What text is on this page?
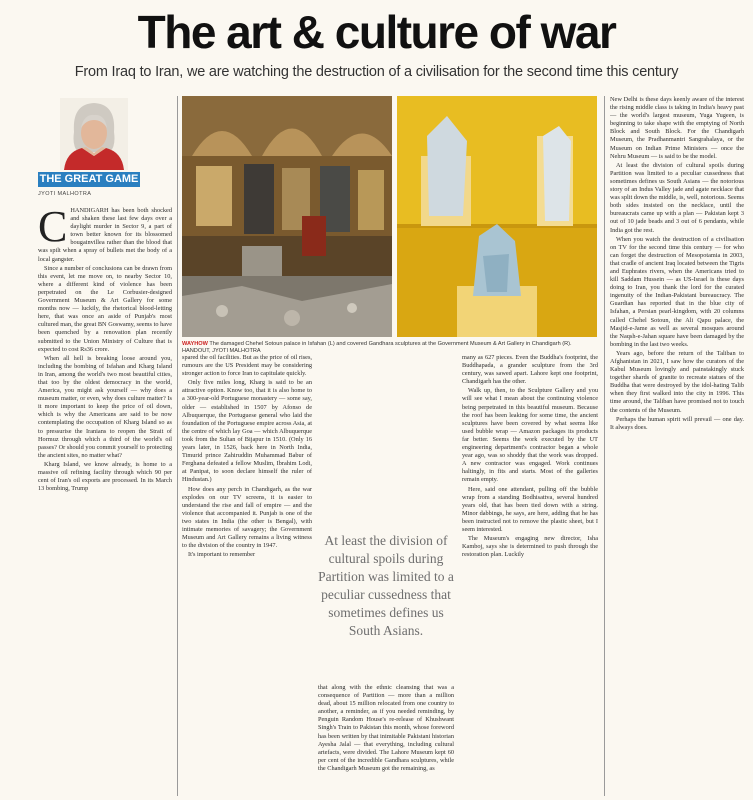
The art & culture of war
From Iraq to Iran, we are watching the destruction of a civilisation for the second time this century
THE GREAT GAME
JYOTI MALHOTRA
WAYHOW The damaged Chehel Sotoun palace in Isfahan (L) and covered Gandhara sculptures at the Government Museum & Art Gallery in Chandigarh (R). HANDOUT, JYOTI MALHOTRA
C HANDIGARH has been both shocked and shaken these last few days over a daylight murder in Sector 9, a part of town better known for its blossomed bougainvillea rather than the blood that was spilt when a spray of bullets met the body of a local gangster.

Since a number of conclusions can be drawn from this event, let me move on, to nearby Sector 10, where a different kind of violence has been perpetrated on the Le Corbusier-designed Government Museum & Art Gallery for some months now — luckily, the rhetorical blood-letting here, that was once an aside of Punjab's most cultured man, the great BN Goswamy, seems to have been quenched by a renovation plan recently submitted to the Union Ministry of Culture that is expected to cost Rs36 crore.

When all hell is breaking loose around you, including the bombing of Isfahan and Kharg Island in Iran, among the world's two most beautiful cities, that too by the oldest democracy in the world, America, you might ask yourself — why does a museum matter, or even, why does culture matter? Is it more important to keep the price of oil down, which is why the Americans are said to be now contemplating the occupation of Kharg Island so as to pressurise the Iranians to reopen the Strait of Hormuz through which a third of the world's oil passes? Or should you commit yourself to protecting the ancient sites, no matter what?

Kharg Island, we know already, is home to a massive oil refining facility through which 90 per cent of Iran's oil exports are processed. In its March 13 bombing, Trump

spared the oil facilities. But as the price of oil rises, rumours are the US President may be considering stronger action to force Iran to capitulate quickly.

Only five miles long, Kharg is said to be an attractive option. Know too, that it is also home to a 300-year-old Portuguese monastery — some say, older — established in 1507 by Afonso de Albuquerque, the Portuguese general who laid the foundation of the Portuguese empire across Asia, at the centre of which lay Goa — which Albuquerque took from the Sultan of Bijapur in 1510. (Only 16 years later, in 1526, back here in North India, Timurid prince Zahiruddin Muhammad Babur of Ferghana defeated a fellow Muslim, Ibrahim Lodi, at Panipat, to soon declare himself the ruler of Hindustan.)

How does any perch in Chandigarh, as the war explodes on our TV screens, it is easier to understand the rise and fall of empire — and the violence that accompanied it. Punjab is one of the two states in India (the other is Bengal), with intimate memories of savagery; the Government Museum and Art Gallery remains a living witness to the division of the country in 1947.

It's important to remember

At least the division of cultural spoils during Partition was limited to a peculiar cussedness that sometimes defines us South Asians.

that along with the ethnic cleansing that was a consequence of Partition — more than a million dead, about 15 million relocated from one country to another, a reminder, as if you needed reminding, by Penguin Random House's re-release of Khushwant Singh's Train to Pakistan this month, whose foreword has been written by that inimitable Pakistani historian Ayesha Jalal — that everything, including cultural artefacts, were divided. The Lahore Museum kept 60 per cent of the incredible Gandhara sculptures, while the Chandigarh Museum got the remaining, as

many as 627 pieces. Even the Buddha's footprint, the Buddhapada, a grander sculpture from the 3rd century, was sawed apart. Lahore kept one footprint, Chandigarh has the other.

Walk up, then, to the Sculpture Gallery and you will see what I mean about the continuing violence being perpetrated in this beautiful museum. Because the roof has been leaking for some time, the ancient sculptures have been covered by what seems like used bubble wrap — Amazon packages its products far better. Seems the work executed by the UT engineering department's contractor began a whole year ago, was so shoddy that the work was dropped. A new contractor was engaged. Work continues haltingly, in fits and starts. Most of the galleries remain empty.

Here, said one attendant, pulling off the bubble wrap from a standing Bodhisattva, several hundred years old, that has been tied down with a string. Minor dabbings, he says, are here, adding that he has been instructed not to remove the plastic sheet, but I seem interested.

The Museum's engaging new director, Isha Kamboj, says she is determined to push through the restoration plan. Luckily

New Delhi is these days keenly aware of the interest the rising middle class is taking in India's heavy past — the world's largest museum, Yuga Yugeen, is beginning to take shape with the emptying of North Block and South Block. For the Chandigarh Museum, the Pradhanmantri Sangrahalaya, or the Museum on Indian Prime Ministers — once the Nehru Museum — is said to be the model.

At least the division of cultural spoils during Partition was limited to a peculiar cussedness that sometimes defines us South Asians — the notorious story of an Indus Valley jade and agate necklace that was split down the middle, is, well, notorious. Seems both sides insisted on the necklace, until the bureaucrats came up with a plan — Pakistan kept 3 out of 10 jade beads and 3 out of 6 pendants, while India got the rest.

When you watch the destruction of a civilisation on TV for the second time this century — for who can forget the destruction of Mesopotamia in 2003, that cradle of ancient Iraq located between the Tigris and Euphrates rivers, when the Americans tried to kill Saddam Hussein — as US-Israel is these days doing to Iran, you thank the lord for the curated ingenuity of the Indian-Pakistani bureaucracy. The Guardian has reported that in the blue city of Isfahan, a Persian pearl-kingdom, with 20 columns called Chehel Sotoun, the Ali Qapu palace, the Masjid-e-Jame as well as several mosques around the Naqsh-e-Jahan square have been damaged by the bombing in the last two weeks.

Years ago, before the return of the Taliban to Afghanistan in 2021, I saw how the curators of the Kabul Museum lovingly and painstakingly stuck together shards of granite to recreate statues of the Buddha that were destroyed by the idol-hating Talib when they first walked into the city in 1996. This time around, the Taliban have promised not to touch the contents of the Museum.

Perhaps the human spirit will prevail — one day. It always does.
